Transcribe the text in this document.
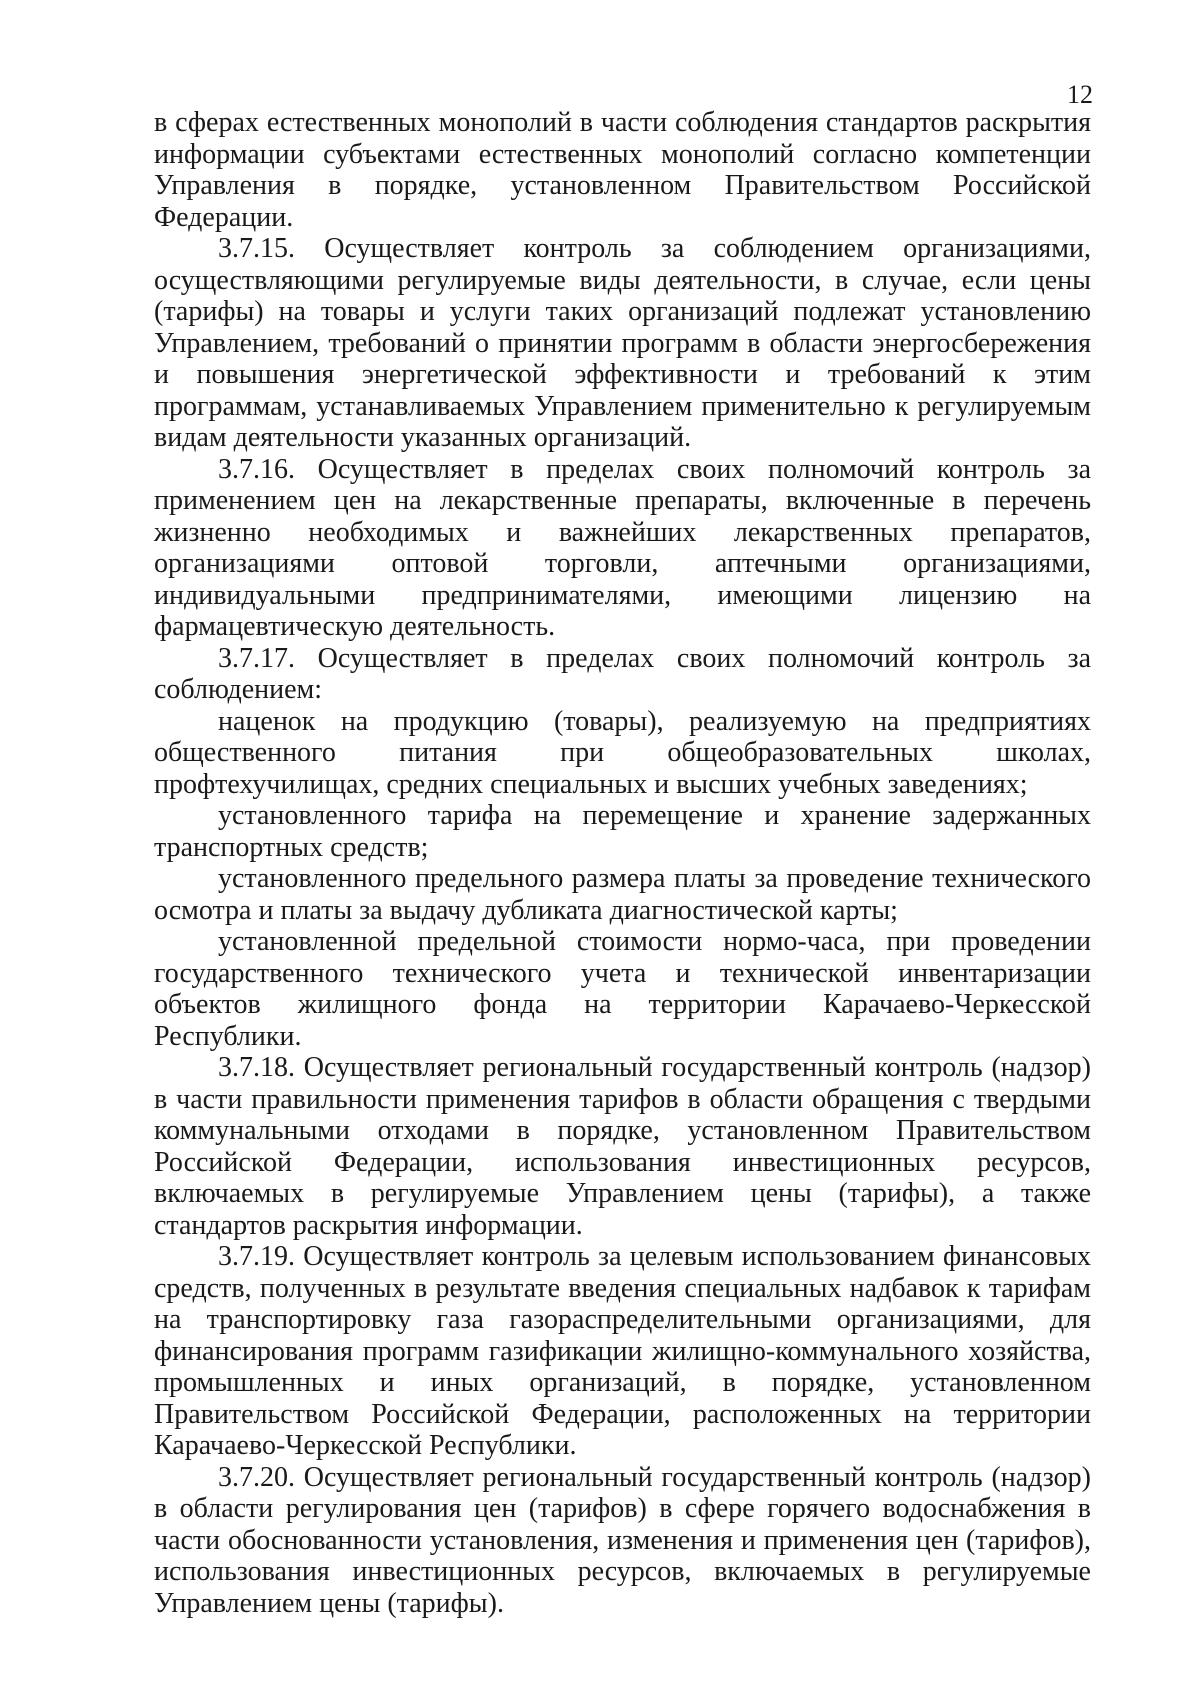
12

в сферах естественных монополий в части соблюдения стандартов раскрытия информации субъектами естественных монополий согласно компетенции Управления в порядке, установленном Правительством Российской Федерации.

3.7.15. Осуществляет контроль за соблюдением организациями, осуществляющими регулируемые виды деятельности, в случае, если цены (тарифы) на товары и услуги таких организаций подлежат установлению Управлением, требований о принятии программ в области энергосбережения и повышения энергетической эффективности и требований к этим программам, устанавливаемых Управлением применительно к регулируемым видам деятельности указанных организаций.

3.7.16. Осуществляет в пределах своих полномочий контроль за применением цен на лекарственные препараты, включенные в перечень жизненно необходимых и важнейших лекарственных препаратов, организациями оптовой торговли, аптечными организациями, индивидуальными предпринимателями, имеющими лицензию на фармацевтическую деятельность.

3.7.17. Осуществляет в пределах своих полномочий контроль за соблюдением:

наценок на продукцию (товары), реализуемую на предприятиях общественного питания при общеобразовательных школах, профтехучилищах, средних специальных и высших учебных заведениях;

установленного тарифа на перемещение и хранение задержанных транспортных средств;

установленного предельного размера платы за проведение технического осмотра и платы за выдачу дубликата диагностической карты;

установленной предельной стоимости нормо-часа, при проведении государственного технического учета и технической инвентаризации объектов жилищного фонда на территории Карачаево-Черкесской Республики.

3.7.18. Осуществляет региональный государственный контроль (надзор) в части правильности применения тарифов в области обращения с твердыми коммунальными отходами в порядке, установленном Правительством Российской Федерации, использования инвестиционных ресурсов, включаемых в регулируемые Управлением цены (тарифы), а также стандартов раскрытия информации.

3.7.19. Осуществляет контроль за целевым использованием финансовых средств, полученных в результате введения специальных надбавок к тарифам на транспортировку газа газораспределительными организациями, для финансирования программ газификации жилищно-коммунального хозяйства, промышленных и иных организаций, в порядке, установленном Правительством Российской Федерации, расположенных на территории Карачаево-Черкесской Республики.

3.7.20. Осуществляет региональный государственный контроль (надзор) в области регулирования цен (тарифов) в сфере горячего водоснабжения в части обоснованности установления, изменения и применения цен (тарифов), использования инвестиционных ресурсов, включаемых в регулируемые Управлением цены (тарифы).
